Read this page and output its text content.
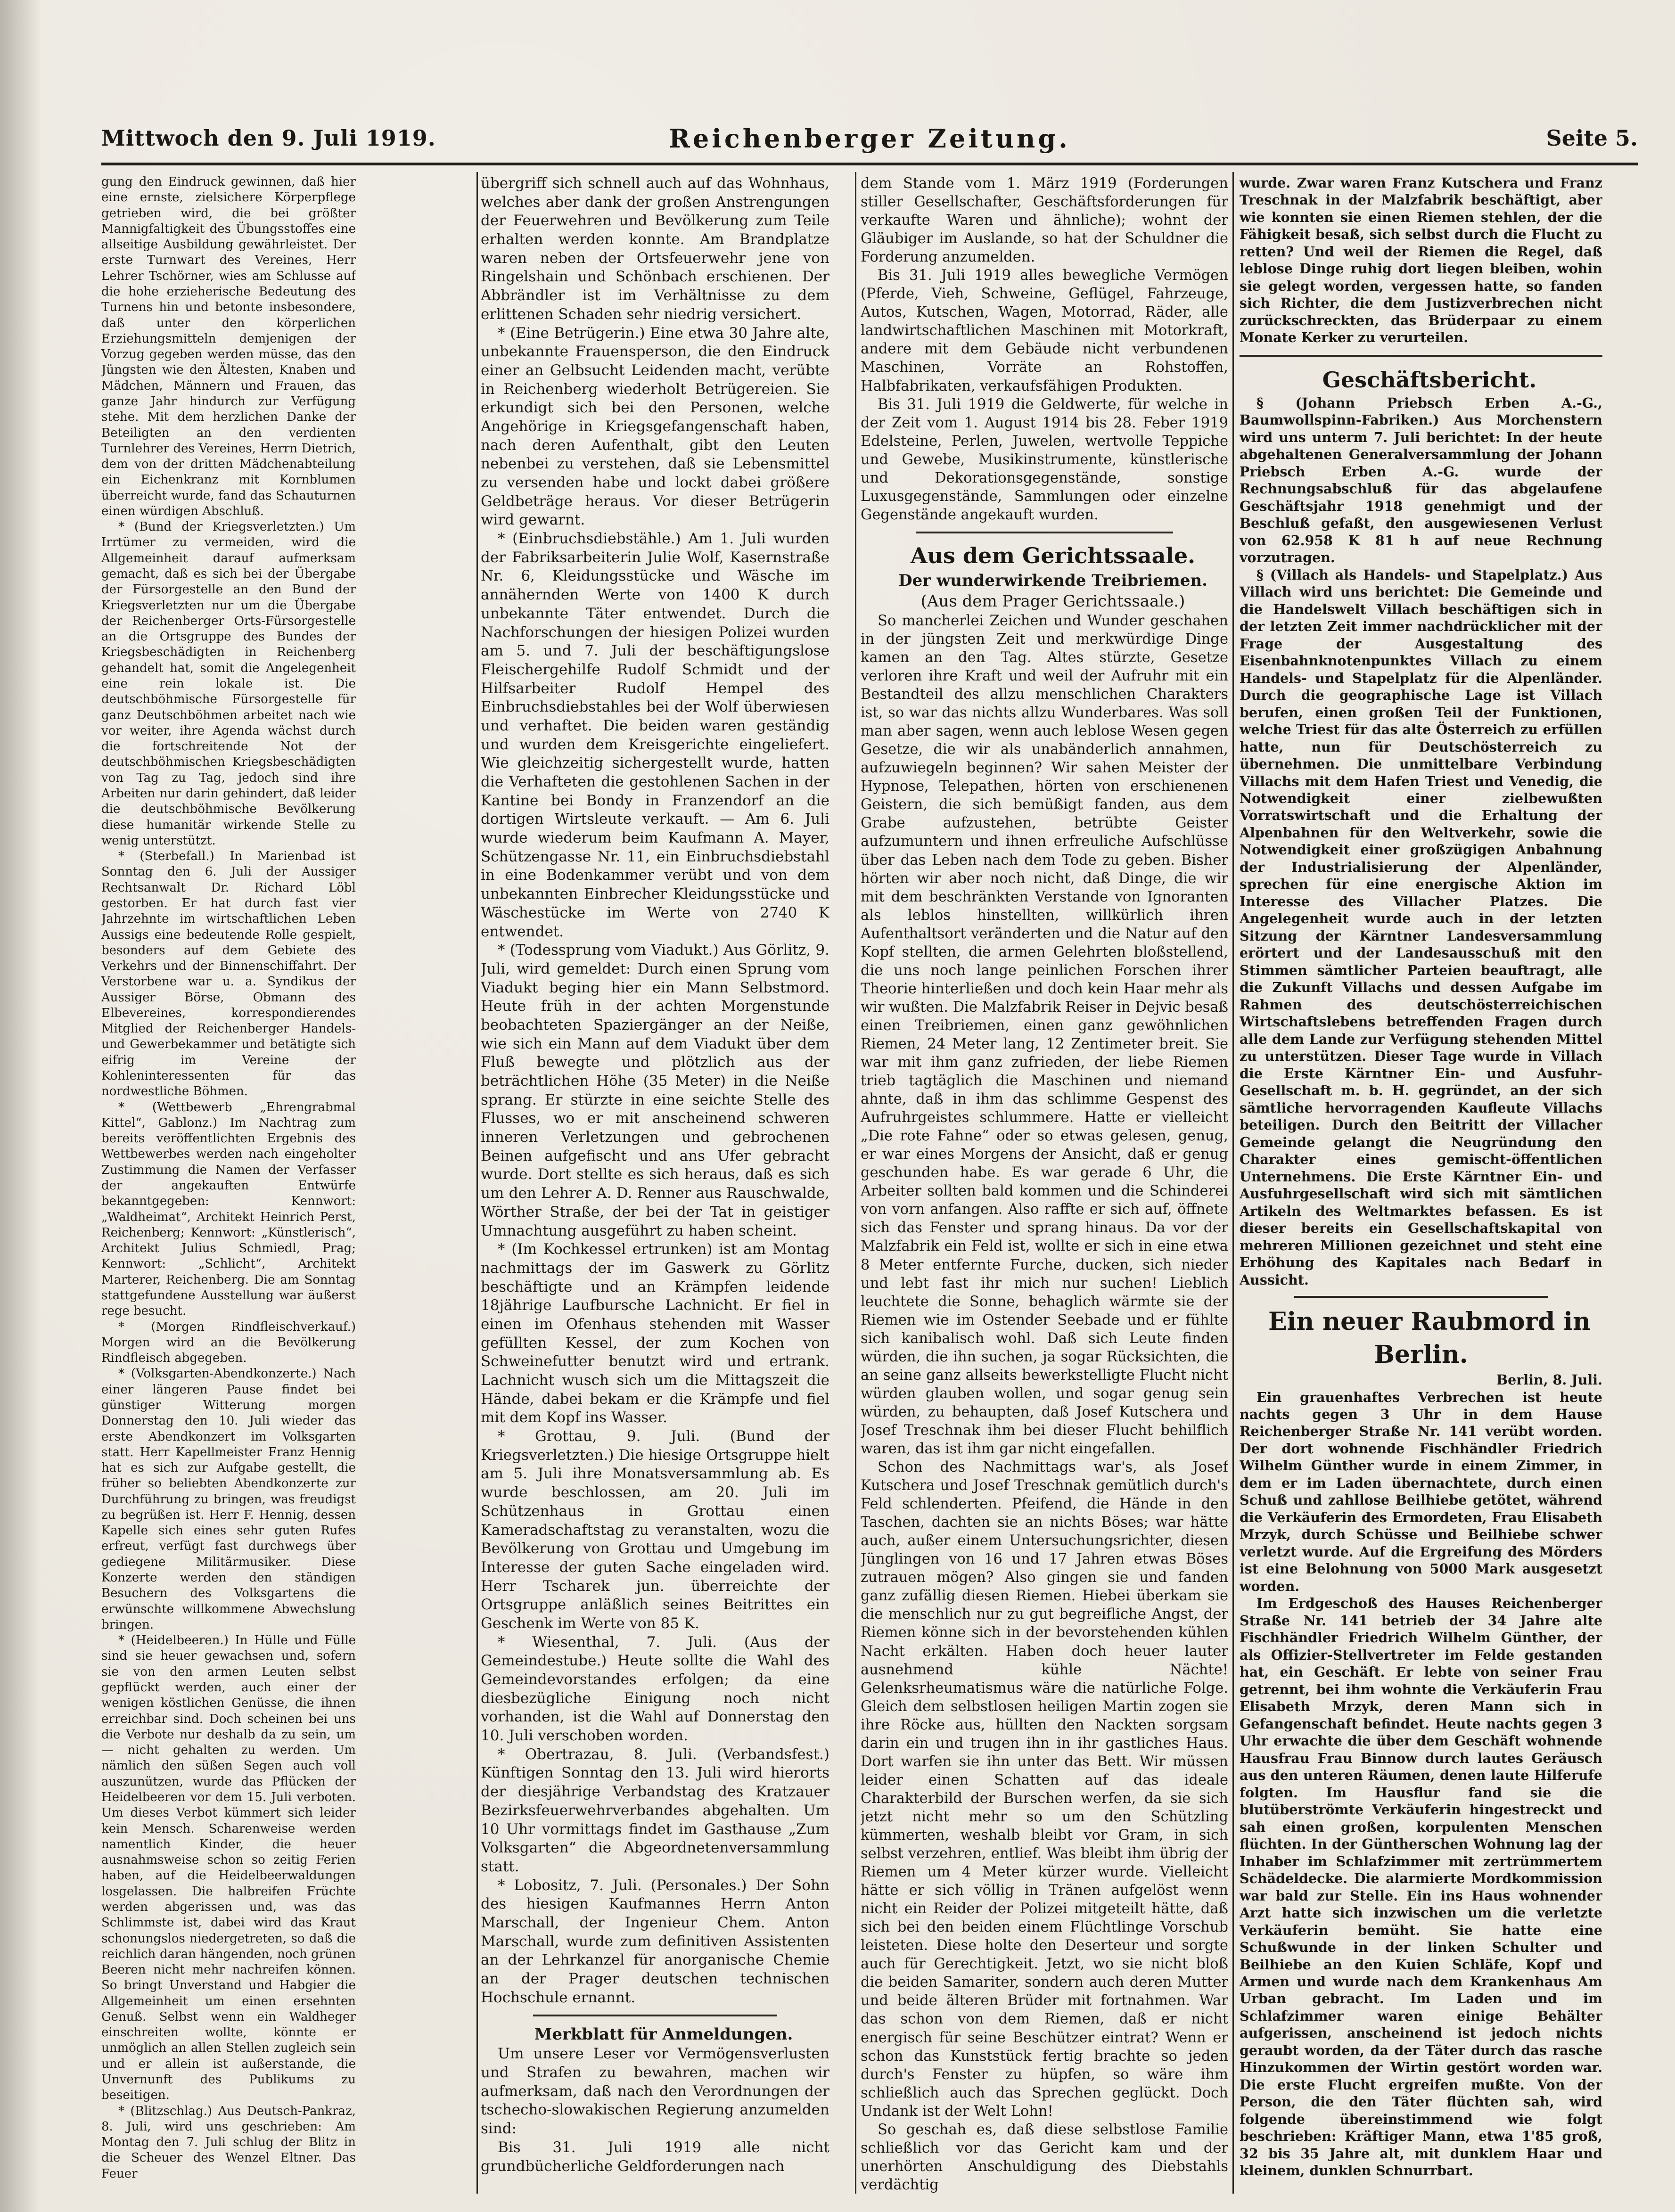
Mittwoch den 9. Juli 1919.	Reichenberger Zeitung.	Seite 5.

gung den Eindruck gewinnen, daß hier eine ernste, zielsichere Körperpflege getrieben wird, die bei größter Mannigfaltigkeit des Übungsstoffes eine allseitige Ausbildung gewährleistet. Der erste Turnwart des Vereines, Herr Lehrer Tschörner, wies am Schlusse auf die hohe erzieherische Bedeutung des Turnens hin und betonte insbesondere, daß unter den körperlichen Erziehungsmitteln demjenigen der Vorzug gegeben werden müsse, das den Jüngsten wie den Ältesten, Knaben und Mädchen, Männern und Frauen, das ganze Jahr hindurch zur Verfügung stehe. Mit dem herzlichen Danke der Beteiligten an den verdienten Turnlehrer des Vereines, Herrn Dietrich, dem von der dritten Mädchenabteilung ein Eichenkranz mit Kornblumen überreicht wurde, fand das Schauturnen einen würdigen Abschluß.

* (Bund der Kriegsverletzten.) Um Irrtümer zu vermeiden, wird die Allgemeinheit darauf aufmerksam gemacht, daß es sich bei der Übergabe der Fürsorgestelle an den Bund der Kriegsverletzten nur um die Übergabe der Reichenberger Orts-Fürsorgestelle an die Ortsgruppe des Bundes der Kriegsbeschädigten in Reichenberg gehandelt hat, somit die Angelegenheit eine rein lokale ist. Die deutschböhmische Fürsorgestelle für ganz Deutschböhmen arbeitet nach wie vor weiter, ihre Agenda wächst durch die fortschreitende Not der deutschböhmischen Kriegsbeschädigten von Tag zu Tag, jedoch sind ihre Arbeiten nur darin gehindert, daß leider die deutschböhmische Bevölkerung diese humanitär wirkende Stelle zu wenig unterstützt.

* (Sterbefall.) In Marienbad ist Sonntag den 6. Juli der Aussiger Rechtsanwalt Dr. Richard Löbl gestorben. Er hat durch fast vier Jahrzehnte im wirtschaftlichen Leben Aussigs eine bedeutende Rolle gespielt, besonders auf dem Gebiete des Verkehrs und der Binnenschiffahrt. Der Verstorbene war u. a. Syndikus der Aussiger Börse, Obmann des Elbevereines, korrespondierendes Mitglied der Reichenberger Handels- und Gewerbekammer und betätigte sich eifrig im Vereine der Kohleninteressenten für das nordwestliche Böhmen.

* (Wettbewerb „Ehrengrabmal Kittel“, Gablonz.) Im Nachtrag zum bereits veröffentlichten Ergebnis des Wettbewerbes werden nach eingeholter Zustimmung die Namen der Verfasser der angekauften Entwürfe bekanntgegeben: Kennwort: „Waldheimat“, Architekt Heinrich Perst, Reichenberg; Kennwort: „Künstlerisch“, Architekt Julius Schmiedl, Prag; Kennwort: „Schlicht“, Architekt Marterer, Reichenberg. Die am Sonntag stattgefundene Ausstellung war äußerst rege besucht.

* (Morgen Rindfleischverkauf.) Morgen wird an die Bevölkerung Rindfleisch abgegeben.

* (Volksgarten-Abendkonzerte.) Nach einer längeren Pause findet bei günstiger Witterung morgen Donnerstag den 10. Juli wieder das erste Abendkonzert im Volksgarten statt. Herr Kapellmeister Franz Hennig hat es sich zur Aufgabe gestellt, die früher so beliebten Abendkonzerte zur Durchführung zu bringen, was freudigst zu begrüßen ist. Herr F. Hennig, dessen Kapelle sich eines sehr guten Rufes erfreut, verfügt fast durchwegs über gediegene Militärmusiker. Diese Konzerte werden den ständigen Besuchern des Volksgartens die erwünschte willkommene Abwechslung bringen.

* (Heidelbeeren.) In Hülle und Fülle sind sie heuer gewachsen und, sofern sie von den armen Leuten selbst gepflückt werden, auch einer der wenigen köstlichen Genüsse, die ihnen erreichbar sind. Doch scheinen bei uns die Verbote nur deshalb da zu sein, um — nicht gehalten zu werden. Um nämlich den süßen Segen auch voll auszunützen, wurde das Pflücken der Heidelbeeren vor dem 15. Juli verboten. Um dieses Verbot kümmert sich leider kein Mensch. Scharenweise werden namentlich Kinder, die heuer ausnahmsweise schon so zeitig Ferien haben, auf die Heidelbeerwaldungen losgelassen. Die halbreifen Früchte werden abgerissen und, was das Schlimmste ist, dabei wird das Kraut schonungslos niedergetreten, so daß die reichlich daran hängenden, noch grünen Beeren nicht mehr nachreifen können. So bringt Unverstand und Habgier die Allgemeinheit um einen ersehnten Genuß. Selbst wenn ein Waldheger einschreiten wollte, könnte er unmöglich an allen Stellen zugleich sein und er allein ist außerstande, die Unvernunft des Publikums zu beseitigen.

* (Blitzschlag.) Aus Deutsch-Pankraz, 8. Juli, wird uns geschrieben: Am Montag den 7. Juli schlug der Blitz in die Scheuer des Wenzel Eltner. Das Feuer

übergriff sich schnell auch auf das Wohnhaus, welches aber dank der großen Anstrengungen der Feuerwehren und Bevölkerung zum Teile erhalten werden konnte. Am Brandplatze waren neben der Ortsfeuerwehr jene von Ringelshain und Schönbach erschienen. Der Abbrändler ist im Verhältnisse zu dem erlittenen Schaden sehr niedrig versichert.

* (Eine Betrügerin.) Eine etwa 30 Jahre alte, unbekannte Frauensperson, die den Eindruck einer an Gelbsucht Leidenden macht, verübte in Reichenberg wiederholt Betrügereien. Sie erkundigt sich bei den Personen, welche Angehörige in Kriegsgefangenschaft haben, nach deren Aufenthalt, gibt den Leuten nebenbei zu verstehen, daß sie Lebensmittel zu versenden habe und lockt dabei größere Geldbeträge heraus. Vor dieser Betrügerin wird gewarnt.

* (Einbruchsdiebstähle.) Am 1. Juli wurden der Fabriksarbeiterin Julie Wolf, Kasernstraße Nr. 6, Kleidungsstücke und Wäsche im annähernden Werte von 1400 K durch unbekannte Täter entwendet. Durch die Nachforschungen der hiesigen Polizei wurden am 5. und 7. Juli der beschäftigungslose Fleischergehilfe Rudolf Schmidt und der Hilfsarbeiter Rudolf Hempel des Einbruchsdiebstahles bei der Wolf überwiesen und verhaftet. Die beiden waren geständig und wurden dem Kreisgerichte eingeliefert. Wie gleichzeitig sichergestellt wurde, hatten die Verhafteten die gestohlenen Sachen in der Kantine bei Bondy in Franzendorf an die dortigen Wirtsleute verkauft. — Am 6. Juli wurde wiederum beim Kaufmann A. Mayer, Schützengasse Nr. 11, ein Einbruchsdiebstahl in eine Bodenkammer verübt und von dem unbekannten Einbrecher Kleidungsstücke und Wäschestücke im Werte von 2740 K entwendet.

* (Todessprung vom Viadukt.) Aus Görlitz, 9. Juli, wird gemeldet: Durch einen Sprung vom Viadukt beging hier ein Mann Selbstmord. Heute früh in der achten Morgenstunde beobachteten Spaziergänger an der Neiße, wie sich ein Mann auf dem Viadukt über dem Fluß bewegte und plötzlich aus der beträchtlichen Höhe (35 Meter) in die Neiße sprang. Er stürzte in eine seichte Stelle des Flusses, wo er mit anscheinend schweren inneren Verletzungen und gebrochenen Beinen aufgefischt und ans Ufer gebracht wurde. Dort stellte es sich heraus, daß es sich um den Lehrer A. D. Renner aus Rauschwalde, Wörther Straße, der bei der Tat in geistiger Umnachtung ausgeführt zu haben scheint.

* (Im Kochkessel ertrunken) ist am Montag nachmittags der im Gaswerk zu Görlitz beschäftigte und an Krämpfen leidende 18jährige Laufbursche Lachnicht. Er fiel in einen im Ofenhaus stehenden mit Wasser gefüllten Kessel, der zum Kochen von Schweinefutter benutzt wird und ertrank. Lachnicht wusch sich um die Mittagszeit die Hände, dabei bekam er die Krämpfe und fiel mit dem Kopf ins Wasser.

* Grottau, 9. Juli. (Bund der Kriegsverletzten.) Die hiesige Ortsgruppe hielt am 5. Juli ihre Monatsversammlung ab. Es wurde beschlossen, am 20. Juli im Schützenhaus in Grottau einen Kameradschaftstag zu veranstalten, wozu die Bevölkerung von Grottau und Umgebung im Interesse der guten Sache eingeladen wird. Herr Tscharek jun. überreichte der Ortsgruppe anläßlich seines Beitrittes ein Geschenk im Werte von 85 K.

* Wiesenthal, 7. Juli. (Aus der Gemeindestube.) Heute sollte die Wahl des Gemeindevorstandes erfolgen; da eine diesbezügliche Einigung noch nicht vorhanden, ist die Wahl auf Donnerstag den 10. Juli verschoben worden.

* Obertrazau, 8. Juli. (Verbandsfest.) Künftigen Sonntag den 13. Juli wird hierorts der diesjährige Verbandstag des Kratzauer Bezirksfeuerwehrverbandes abgehalten. Um 10 Uhr vormittags findet im Gasthause „Zum Volksgarten“ die Abgeordnetenversammlung statt.

* Lobositz, 7. Juli. (Personales.) Der Sohn des hiesigen Kaufmannes Herrn Anton Marschall, der Ingenieur Chem. Anton Marschall, wurde zum definitiven Assistenten an der Lehrkanzel für anorganische Chemie an der Prager deutschen technischen Hochschule ernannt.

Merkblatt für Anmeldungen.

Um unsere Leser vor Vermögensverlusten und Strafen zu bewahren, machen wir aufmerksam, daß nach den Verordnungen der tschecho-slowakischen Regierung anzumelden sind:

Bis 31. Juli 1919 alle nicht grundbücherliche Geldforderungen nach

dem Stande vom 1. März 1919 (Forderungen stiller Gesellschafter, Geschäftsforderungen für verkaufte Waren und ähnliche); wohnt der Gläubiger im Auslande, so hat der Schuldner die Forderung anzumelden.

Bis 31. Juli 1919 alles bewegliche Vermögen (Pferde, Vieh, Schweine, Geflügel, Fahrzeuge, Autos, Kutschen, Wagen, Motorrad, Räder, alle landwirtschaftlichen Maschinen mit Motorkraft, andere mit dem Gebäude nicht verbundenen Maschinen, Vorräte an Rohstoffen, Halbfabrikaten, verkaufsfähigen Produkten.

Bis 31. Juli 1919 die Geldwerte, für welche in der Zeit vom 1. August 1914 bis 28. Feber 1919 Edelsteine, Perlen, Juwelen, wertvolle Teppiche und Gewebe, Musikinstrumente, künstlerische und Dekorationsgegenstände, sonstige Luxusgegenstände, Sammlungen oder einzelne Gegenstände angekauft wurden.

Aus dem Gerichtssaale.

Der wunderwirkende Treibriemen.

(Aus dem Prager Gerichtssaale.)

So mancherlei Zeichen und Wunder geschahen in der jüngsten Zeit und merkwürdige Dinge kamen an den Tag. Altes stürzte, Gesetze verloren ihre Kraft und weil der Aufruhr mit ein Bestandteil des allzu menschlichen Charakters ist, so war das nichts allzu Wunderbares. Was soll man aber sagen, wenn auch leblose Wesen gegen Gesetze, die wir als unabänderlich annahmen, aufzuwiegeln beginnen? Wir sahen Meister der Hypnose, Telepathen, hörten von erschienenen Geistern, die sich bemüßigt fanden, aus dem Grabe aufzustehen, betrübte Geister aufzumuntern und ihnen erfreuliche Aufschlüsse über das Leben nach dem Tode zu geben. Bisher hörten wir aber noch nicht, daß Dinge, die wir mit dem beschränkten Verstande von Ignoranten als leblos hinstellten, willkürlich ihren Aufenthaltsort veränderten und die Natur auf den Kopf stellten, die armen Gelehrten bloßstellend, die uns noch lange peinlichen Forschen ihrer Theorie hinterließen und doch kein Haar mehr als wir wußten. Die Malzfabrik Reiser in Dejvic besaß einen Treibriemen, einen ganz gewöhnlichen Riemen, 24 Meter lang, 12 Zentimeter breit. Sie war mit ihm ganz zufrieden, der liebe Riemen trieb tagtäglich die Maschinen und niemand ahnte, daß in ihm das schlimme Gespenst des Aufruhrgeistes schlummere. Hatte er vielleicht „Die rote Fahne“ oder so etwas gelesen, genug, er war eines Morgens der Ansicht, daß er genug geschunden habe. Es war gerade 6 Uhr, die Arbeiter sollten bald kommen und die Schinderei von vorn anfangen. Also raffte er sich auf, öffnete sich das Fenster und sprang hinaus. Da vor der Malzfabrik ein Feld ist, wollte er sich in eine etwa 8 Meter entfernte Furche, ducken, sich nieder und lebt fast ihr mich nur suchen! Lieblich leuchtete die Sonne, behaglich wärmte sie der Riemen wie im Ostender Seebade und er fühlte sich kanibalisch wohl. Daß sich Leute finden würden, die ihn suchen, ja sogar Rücksichten, die an seine ganz allseits bewerkstelligte Flucht nicht würden glauben wollen, und sogar genug sein würden, zu behaupten, daß Josef Kutschera und Josef Treschnak ihm bei dieser Flucht behilflich waren, das ist ihm gar nicht eingefallen.

Schon des Nachmittags war's, als Josef Kutschera und Josef Treschnak gemütlich durch's Feld schlenderten. Pfeifend, die Hände in den Taschen, dachten sie an nichts Böses; war hätte auch, außer einem Untersuchungsrichter, diesen Jünglingen von 16 und 17 Jahren etwas Böses zutrauen mögen? Also gingen sie und fanden ganz zufällig diesen Riemen. Hiebei überkam sie die menschlich nur zu gut begreifliche Angst, der Riemen könne sich in der bevorstehenden kühlen Nacht erkälten. Haben doch heuer lauter ausnehmend kühle Nächte! Gelenksrheumatismus wäre die natürliche Folge. Gleich dem selbstlosen heiligen Martin zogen sie ihre Röcke aus, hüllten den Nackten sorgsam darin ein und trugen ihn in ihr gastliches Haus. Dort warfen sie ihn unter das Bett. Wir müssen leider einen Schatten auf das ideale Charakterbild der Burschen werfen, da sie sich jetzt nicht mehr so um den Schützling kümmerten, weshalb bleibt vor Gram, in sich selbst verzehren, entlief. Was bleibt ihm übrig der Riemen um 4 Meter kürzer wurde. Vielleicht hätte er sich völlig in Tränen aufgelöst wenn nicht ein Reider der Polizei mitgeteilt hätte, daß sich bei den beiden einem Flüchtlinge Vorschub leisteten. Diese holte den Deserteur und sorgte auch für Gerechtigkeit. Jetzt, wo sie nicht bloß die beiden Samariter, sondern auch deren Mutter und beide älteren Brüder mit fortnahmen. War das schon von dem Riemen, daß er nicht energisch für seine Beschützer eintrat? Wenn er schon das Kunststück fertig brachte so jeden durch's Fenster zu hüpfen, so wäre ihm schließlich auch das Sprechen geglückt. Doch Undank ist der Welt Lohn!

So geschah es, daß diese selbstlose Familie schließlich vor das Gericht kam und der unerhörten Anschuldigung des Diebstahls verdächtig

wurde. Zwar waren Franz Kutschera und Franz Treschnak in der Malzfabrik beschäftigt, aber wie konnten sie einen Riemen stehlen, der die Fähigkeit besaß, sich selbst durch die Flucht zu retten? Und weil der Riemen die Regel, daß leblose Dinge ruhig dort liegen bleiben, wohin sie gelegt worden, vergessen hatte, so fanden sich Richter, die dem Justizverbrechen nicht zurückschreckten, das Brüderpaar zu einem Monate Kerker zu verurteilen.

Geschäftsbericht.

§ (Johann Priebsch Erben A.-G., Baumwollspinn-Fabriken.) Aus Morchenstern wird uns unterm 7. Juli berichtet: In der heute abgehaltenen Generalversammlung der Johann Priebsch Erben A.-G. wurde der Rechnungsabschluß für das abgelaufene Geschäftsjahr 1918 genehmigt und der Beschluß gefaßt, den ausgewiesenen Verlust von 62.958 K 81 h auf neue Rechnung vorzutragen.

§ (Villach als Handels- und Stapelplatz.) Aus Villach wird uns berichtet: Die Gemeinde und die Handelswelt Villach beschäftigen sich in der letzten Zeit immer nachdrücklicher mit der Frage der Ausgestaltung des Eisenbahnknotenpunktes Villach zu einem Handels- und Stapelplatz für die Alpenländer. Durch die geographische Lage ist Villach berufen, einen großen Teil der Funktionen, welche Triest für das alte Österreich zu erfüllen hatte, nun für Deutschösterreich zu übernehmen. Die unmittelbare Verbindung Villachs mit dem Hafen Triest und Venedig, die Notwendigkeit einer zielbewußten Vorratswirtschaft und die Erhaltung der Alpenbahnen für den Weltverkehr, sowie die Notwendigkeit einer großzügigen Anbahnung der Industrialisierung der Alpenländer, sprechen für eine energische Aktion im Interesse des Villacher Platzes. Die Angelegenheit wurde auch in der letzten Sitzung der Kärntner Landesversammlung erörtert und der Landesausschuß mit den Stimmen sämtlicher Parteien beauftragt, alle die Zukunft Villachs und dessen Aufgabe im Rahmen des deutschösterreichischen Wirtschaftslebens betreffenden Fragen durch alle dem Lande zur Verfügung stehenden Mittel zu unterstützen. Dieser Tage wurde in Villach die Erste Kärntner Ein- und Ausfuhr-Gesellschaft m. b. H. gegründet, an der sich sämtliche hervorragenden Kaufleute Villachs beteiligen. Durch den Beitritt der Villacher Gemeinde gelangt die Neugründung den Charakter eines gemischt-öffentlichen Unternehmens. Die Erste Kärntner Ein- und Ausfuhrgesellschaft wird sich mit sämtlichen Artikeln des Weltmarktes befassen. Es ist dieser bereits ein Gesellschaftskapital von mehreren Millionen gezeichnet und steht eine Erhöhung des Kapitales nach Bedarf in Aussicht.

Ein neuer Raubmord in Berlin.

Berlin, 8. Juli.

Ein grauenhaftes Verbrechen ist heute nachts gegen 3 Uhr in dem Hause Reichenberger Straße Nr. 141 verübt worden. Der dort wohnende Fischhändler Friedrich Wilhelm Günther wurde in einem Zimmer, in dem er im Laden übernachtete, durch einen Schuß und zahllose Beilhiebe getötet, während die Verkäuferin des Ermordeten, Frau Elisabeth Mrzyk, durch Schüsse und Beilhiebe schwer verletzt wurde. Auf die Ergreifung des Mörders ist eine Belohnung von 5000 Mark ausgesetzt worden.

Im Erdgeschoß des Hauses Reichenberger Straße Nr. 141 betrieb der 34 Jahre alte Fischhändler Friedrich Wilhelm Günther, der als Offizier-Stellvertreter im Felde gestanden hat, ein Geschäft. Er lebte von seiner Frau getrennt, bei ihm wohnte die Verkäuferin Frau Elisabeth Mrzyk, deren Mann sich in Gefangenschaft befindet. Heute nachts gegen 3 Uhr erwachte die über dem Geschäft wohnende Hausfrau Frau Binnow durch lautes Geräusch aus den unteren Räumen, denen laute Hilferufe folgten. Im Hausflur fand sie die blutüberströmte Verkäuferin hingestreckt und sah einen großen, korpulenten Menschen flüchten. In der Güntherschen Wohnung lag der Inhaber im Schlafzimmer mit zertrümmertem Schädeldecke. Die alarmierte Mordkommission war bald zur Stelle. Ein ins Haus wohnender Arzt hatte sich inzwischen um die verletzte Verkäuferin bemüht. Sie hatte eine Schußwunde in der linken Schulter und Beilhiebe an den Kuien Schläfe, Kopf und Armen und wurde nach dem Krankenhaus Am Urban gebracht. Im Laden und im Schlafzimmer waren einige Behälter aufgerissen, anscheinend ist jedoch nichts geraubt worden, da der Täter durch das rasche Hinzukommen der Wirtin gestört worden war. Die erste Flucht ergreifen mußte. Von der Person, die den Täter flüchten sah, wird folgende übereinstimmend wie folgt beschrieben: Kräftiger Mann, etwa 1'85 groß, 32 bis 35 Jahre alt, mit dunklem Haar und kleinem, dunklen Schnurrbart.
